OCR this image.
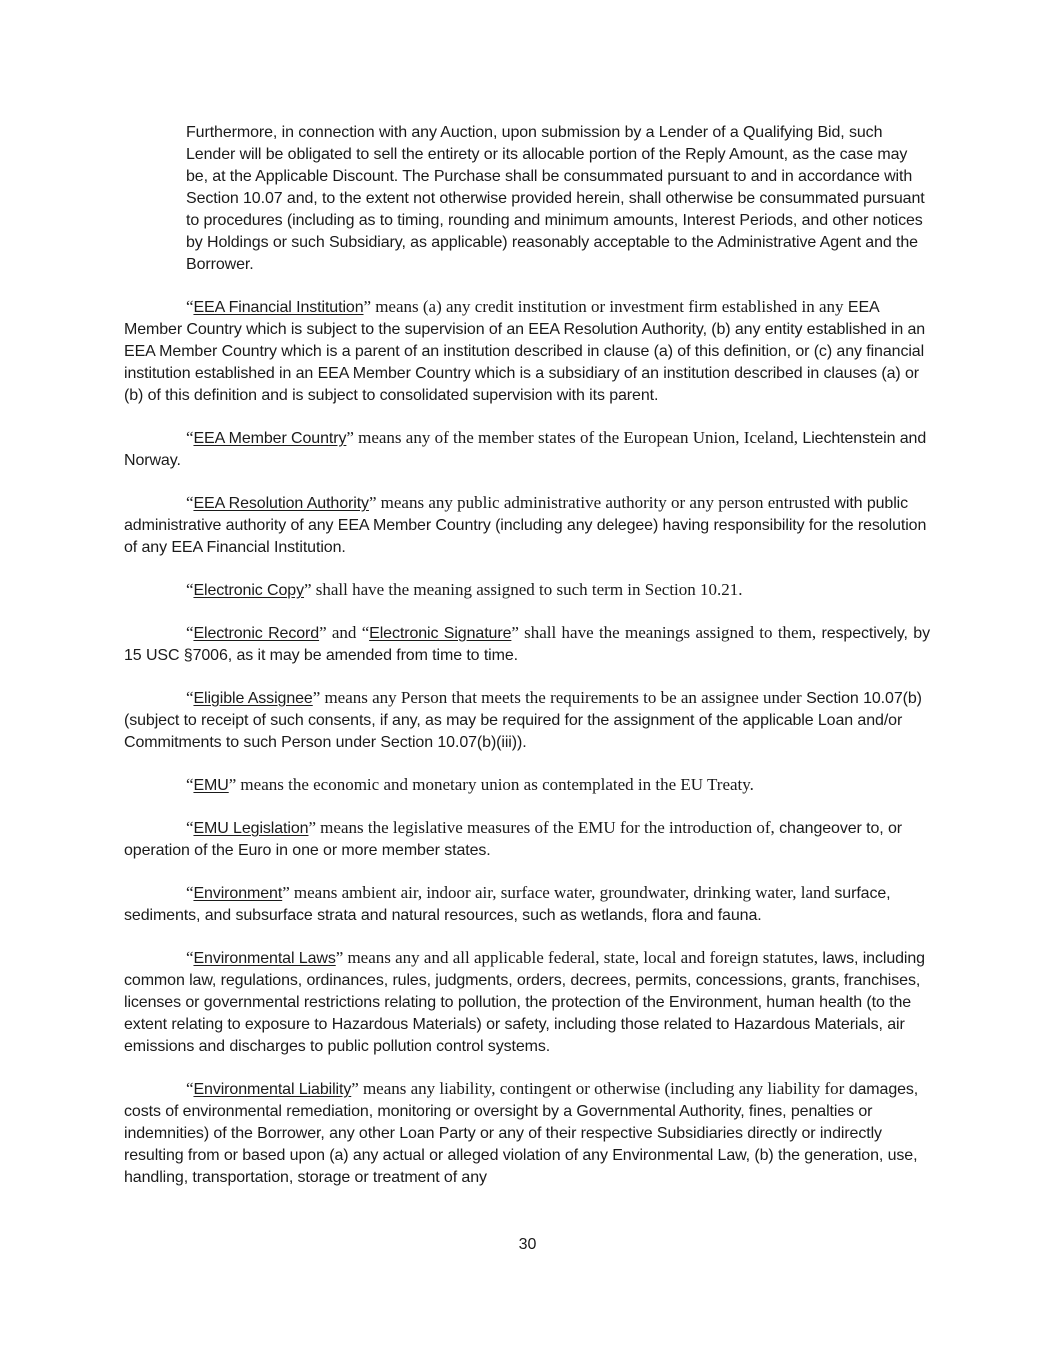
Furthermore, in connection with any Auction, upon submission by a Lender of a Qualifying Bid, such Lender will be obligated to sell the entirety or its allocable portion of the Reply Amount, as the case may be, at the Applicable Discount. The Purchase shall be consummated pursuant to and in accordance with Section 10.07 and, to the extent not otherwise provided herein, shall otherwise be consummated pursuant to procedures (including as to timing, rounding and minimum amounts, Interest Periods, and other notices by Holdings or such Subsidiary, as applicable) reasonably acceptable to the Administrative Agent and the Borrower.

“EEA Financial Institution” means (a) any credit institution or investment firm established in any EEA Member Country which is subject to the supervision of an EEA Resolution Authority, (b) any entity established in an EEA Member Country which is a parent of an institution described in clause (a) of this definition, or (c) any financial institution established in an EEA Member Country which is a subsidiary of an institution described in clauses (a) or (b) of this definition and is subject to consolidated supervision with its parent.

“EEA Member Country” means any of the member states of the European Union, Iceland, Liechtenstein and Norway.

“EEA Resolution Authority” means any public administrative authority or any person entrusted with public administrative authority of any EEA Member Country (including any delegee) having responsibility for the resolution of any EEA Financial Institution.

“Electronic Copy” shall have the meaning assigned to such term in Section 10.21.

“Electronic Record” and “Electronic Signature” shall have the meanings assigned to them, respectively, by 15 USC §7006, as it may be amended from time to time.

“Eligible Assignee” means any Person that meets the requirements to be an assignee under Section 10.07(b) (subject to receipt of such consents, if any, as may be required for the assignment of the applicable Loan and/or Commitments to such Person under Section 10.07(b)(iii)).

“EMU” means the economic and monetary union as contemplated in the EU Treaty.

“EMU Legislation” means the legislative measures of the EMU for the introduction of, changeover to, or operation of the Euro in one or more member states.

“Environment” means ambient air, indoor air, surface water, groundwater, drinking water, land surface, sediments, and subsurface strata and natural resources, such as wetlands, flora and fauna.

“Environmental Laws” means any and all applicable federal, state, local and foreign statutes, laws, including common law, regulations, ordinances, rules, judgments, orders, decrees, permits, concessions, grants, franchises, licenses or governmental restrictions relating to pollution, the protection of the Environment, human health (to the extent relating to exposure to Hazardous Materials) or safety, including those related to Hazardous Materials, air emissions and discharges to public pollution control systems.

“Environmental Liability” means any liability, contingent or otherwise (including any liability for damages, costs of environmental remediation, monitoring or oversight by a Governmental Authority, fines, penalties or indemnities) of the Borrower, any other Loan Party or any of their respective Subsidiaries directly or indirectly resulting from or based upon (a) any actual or alleged violation of any Environmental Law, (b) the generation, use, handling, transportation, storage or treatment of any

30
